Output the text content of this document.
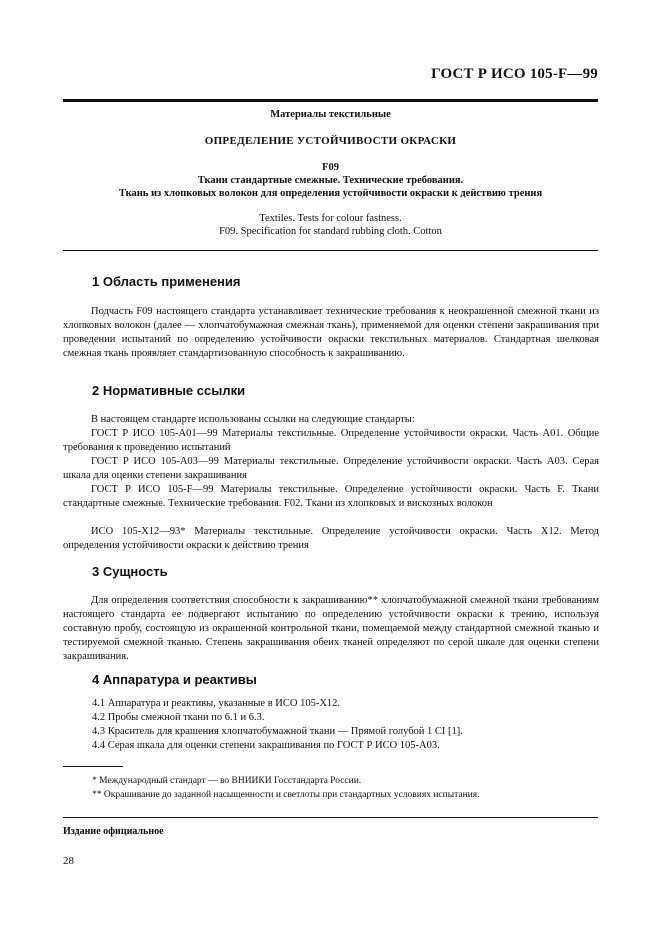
ГОСТ Р ИСО 105-F—99
Материалы текстильные
ОПРЕДЕЛЕНИЕ УСТОЙЧИВОСТИ ОКРАСКИ
F09
Ткани стандартные смежные. Технические требования.
Ткань из хлопковых волокон для определения устойчивости окраски к действию трения
Textiles. Tests for colour fastness.
F09. Specification for standard rubbing cloth. Cotton
1 Область применения

Подчасть F09 настоящего стандарта устанавливает технические требования к неокрашенной смежной ткани из хлопковых волокон (далее — хлопчатобумажная смежная ткань), применяемой для оценки степени закрашивания при проведении испытаний по определению устойчивости окраски текстильных материалов. Стандартная шелковая смежная ткань проявляет стандартизованную способность к закрашиванию.

2 Нормативные ссылки

В настоящем стандарте использованы ссылки на следующие стандарты:

ГОСТ Р ИСО 105-А01—99 Материалы текстильные. Определение устойчивости окраски. Часть А01. Общие требования к проведению испытаний

ГОСТ Р ИСО 105-А03—99 Материалы текстильные. Определение устойчивости окраски. Часть А03. Серая шкала для оценки степени закрашивания

ГОСТ Р ИСО 105-F—99 Материалы текстильные. Определение устойчивости окраски. Часть F. Ткани стандартные смежные. Технические требования. F02. Ткани из хлопковых и вискозных волокон

ИСО 105-Х12—93* Материалы текстильные. Определение устойчивости окраски. Часть Х12. Метод определения устойчивости окраски к действию трения

3 Сущность

Для определения соответствия способности к закрашиванию** хлопчатобумажной смежной ткани требованиям настоящего стандарта ее подвергают испытанию по определению устойчивости окраски к трению, используя составную пробу, состоящую из окрашенной контрольной ткани, помещаемой между стандартной смежной тканью и тестируемой смежной тканью. Степень закрашивания обеих тканей определяют по серой шкале для оценки степени закрашивания.

4 Аппаратура и реактивы
4.1 Аппаратура и реактивы, указанные в ИСО 105-Х12.
4.2 Пробы смежной ткани по 6.1 и 6.3.
4.3 Краситель для крашения хлопчатобумажной ткани — Прямой голубой 1 CI [1].
4.4 Серая шкала для оценки степени закрашивания по ГОСТ Р ИСО 105-А03.
* Международный стандарт — во ВНИИКИ Госстандарта России.
** Окрашивание до заданной насыщенности и светлоты при стандартных условиях испытания.
Издание официальное
28
